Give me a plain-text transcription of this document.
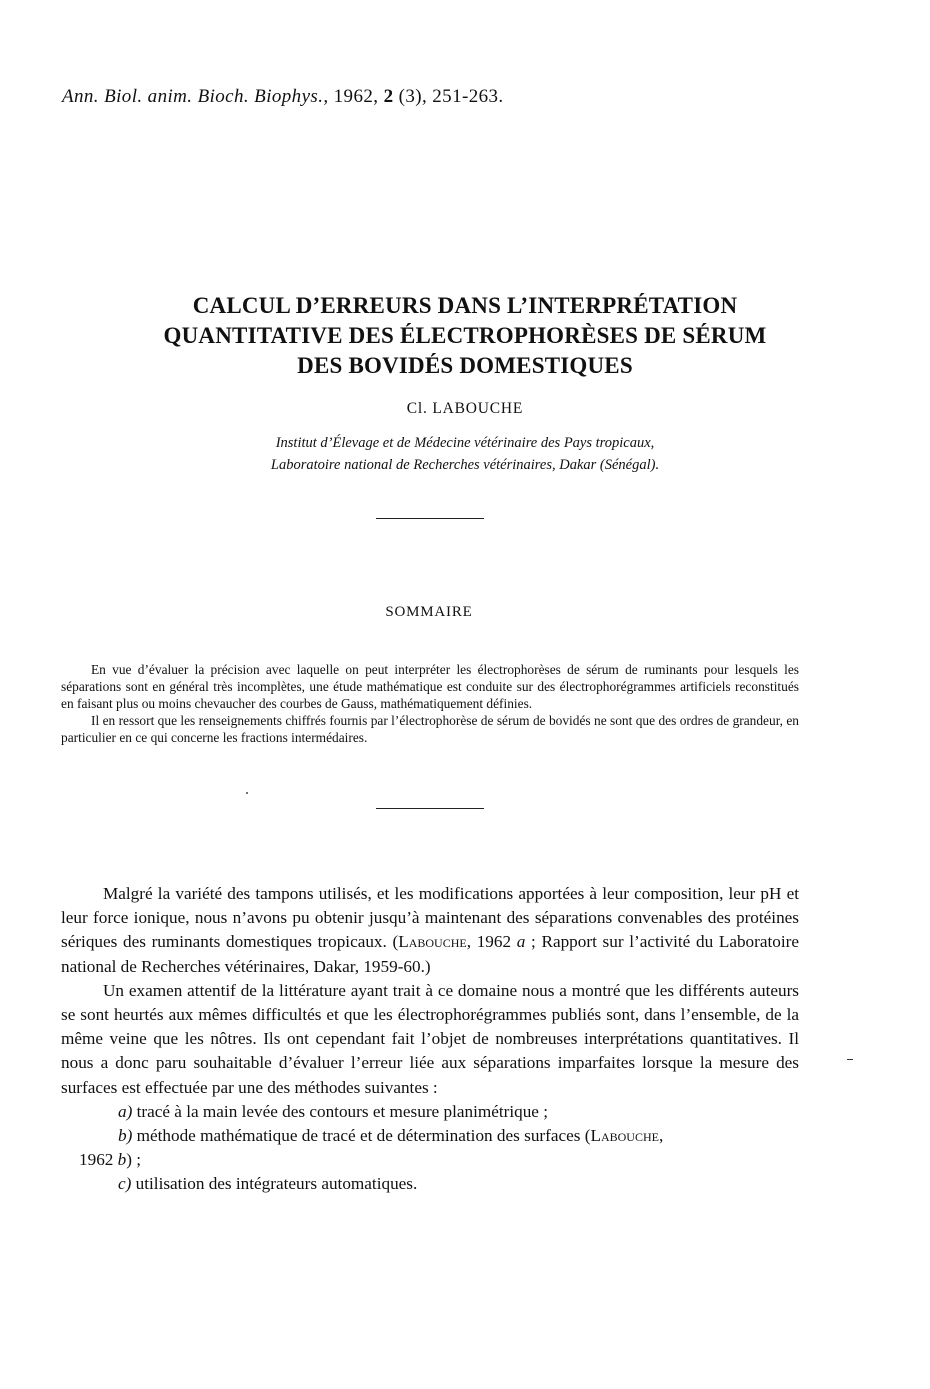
Ann. Biol. anim. Bioch. Biophys., 1962, 2 (3), 251-263.
CALCUL D’ERREURS DANS L’INTERPRÉTATION
QUANTITATIVE DES ÉLECTROPHORÈSES DE SÉRUM
DES BOVIDÉS DOMESTIQUES
Cl. LABOUCHE
Institut d’Élevage et de Médecine vétérinaire des Pays tropicaux,
Laboratoire national de Recherches vétérinaires, Dakar (Sénégal).
SOMMAIRE

En vue d’évaluer la précision avec laquelle on peut interpréter les électrophorèses de sérum de ruminants pour lesquels les séparations sont en général très incomplètes, une étude mathématique est conduite sur des électrophorégrammes artificiels reconstitués en faisant plus ou moins chevaucher des courbes de Gauss, mathématiquement définies.

Il en ressort que les renseignements chiffrés fournis par l’électrophorèse de sérum de bovidés ne sont que des ordres de grandeur, en particulier en ce qui concerne les fractions intermédaires.

Malgré la variété des tampons utilisés, et les modifications apportées à leur composition, leur pH et leur force ionique, nous n’avons pu obtenir jusqu’à maintenant des séparations convenables des protéines sériques des ruminants domestiques tropicaux. (Labouche, 1962 a ; Rapport sur l’activité du Laboratoire national de Recherches vétérinaires, Dakar, 1959-60.)

Un examen attentif de la littérature ayant trait à ce domaine nous a montré que les différents auteurs se sont heurtés aux mêmes difficultés et que les électrophorégrammes publiés sont, dans l’ensemble, de la même veine que les nôtres. Ils ont cependant fait l’objet de nombreuses interprétations quantitatives. Il nous a donc paru souhaitable d’évaluer l’erreur liée aux séparations imparfaites lorsque la mesure des surfaces est effectuée par une des méthodes suivantes :

a) tracé à la main levée des contours et mesure planimétrique ;

b) méthode mathématique de tracé et de détermination des surfaces (Labouche,

1962 b) ;

c) utilisation des intégrateurs automatiques.
